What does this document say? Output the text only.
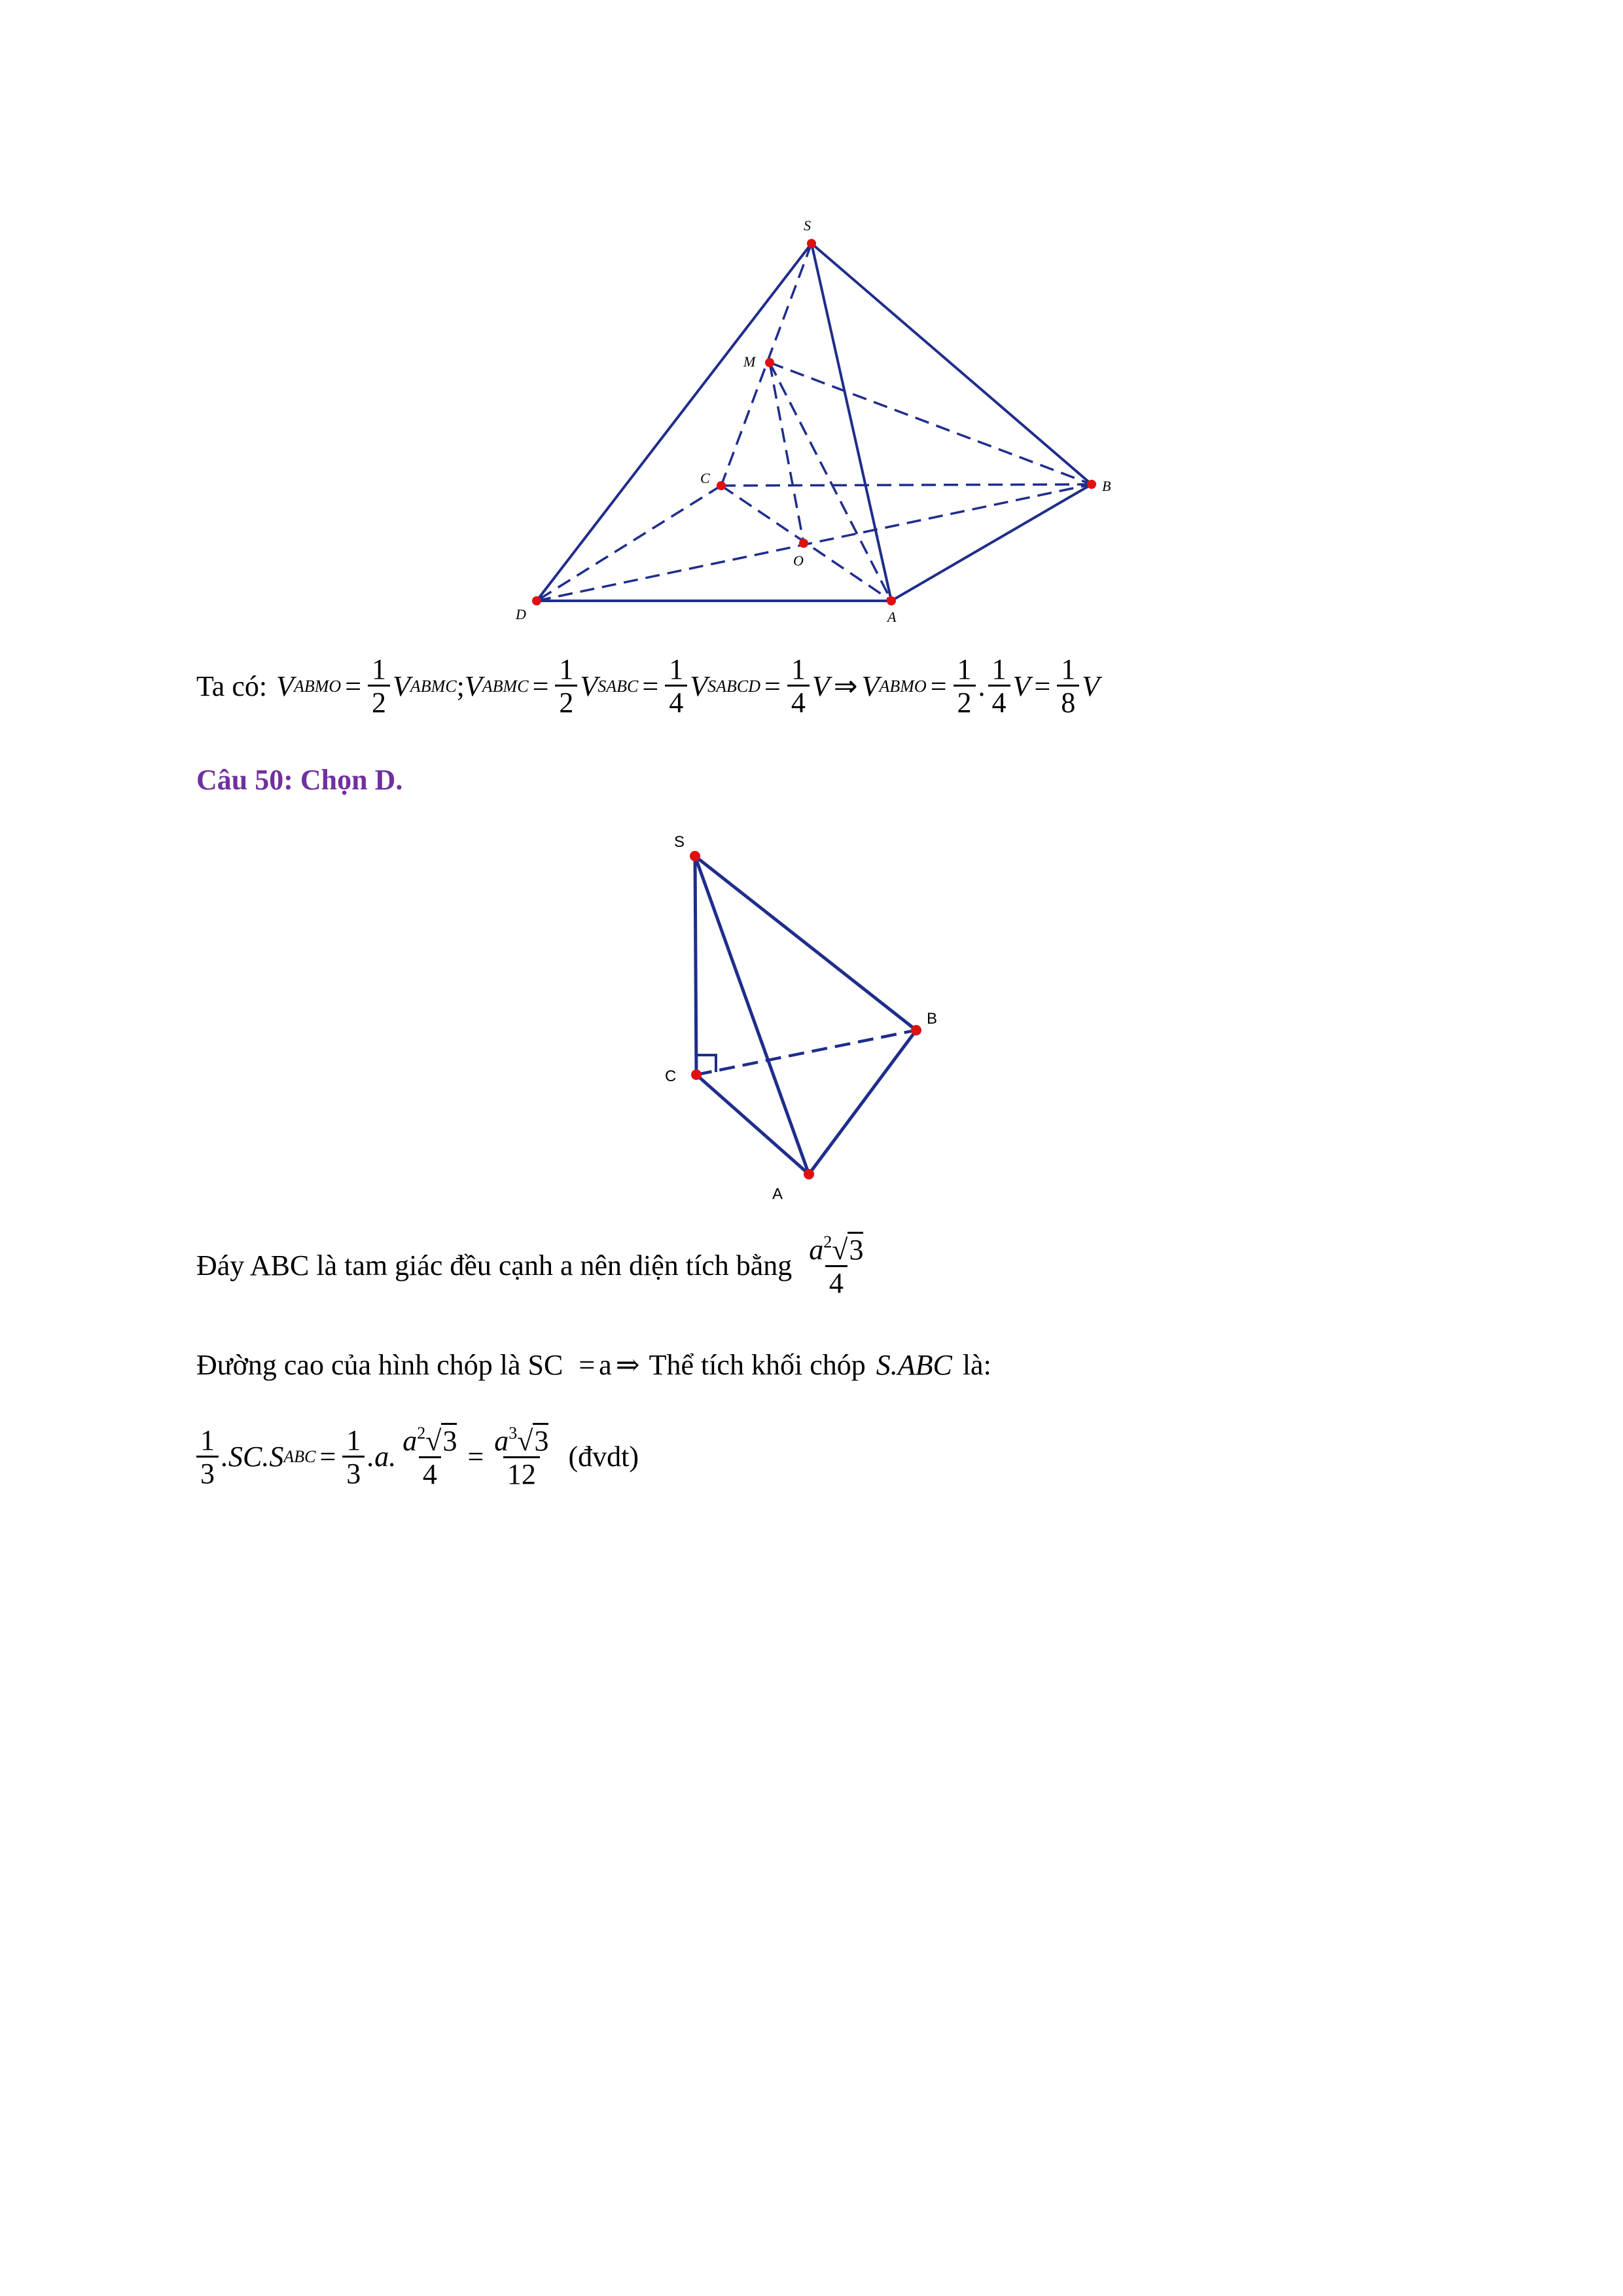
S
M
C	B
O
D	A
Ta có: V ABMO = $\frac{1}{2}$ V ABMC ; V ABMC = $\frac{1}{2}$ V SABC = $\frac{1}{4}$ V SABCD = $\frac{1}{4}$ V ⇒ V ABMO = $\frac{1}{2}$ . $\frac{1}{4}$ $V = \frac{1}{8}$ V
Câu 50: Chọn D.
S
B
C
A
Đáy ABC là tam giác đều cạnh a nên diện tích bằng $\frac{a^2√3}{4}$
Đường cao của hình chóp là SC = a ⇒ Thể tích khối chóp S.ABC là:
$\frac{1}{3} .SC.S$ ABC = $\frac{1}{3} .a$. $\frac{a^2√3}{4} = \frac{a^3√3}{12}$ (đvdt)
